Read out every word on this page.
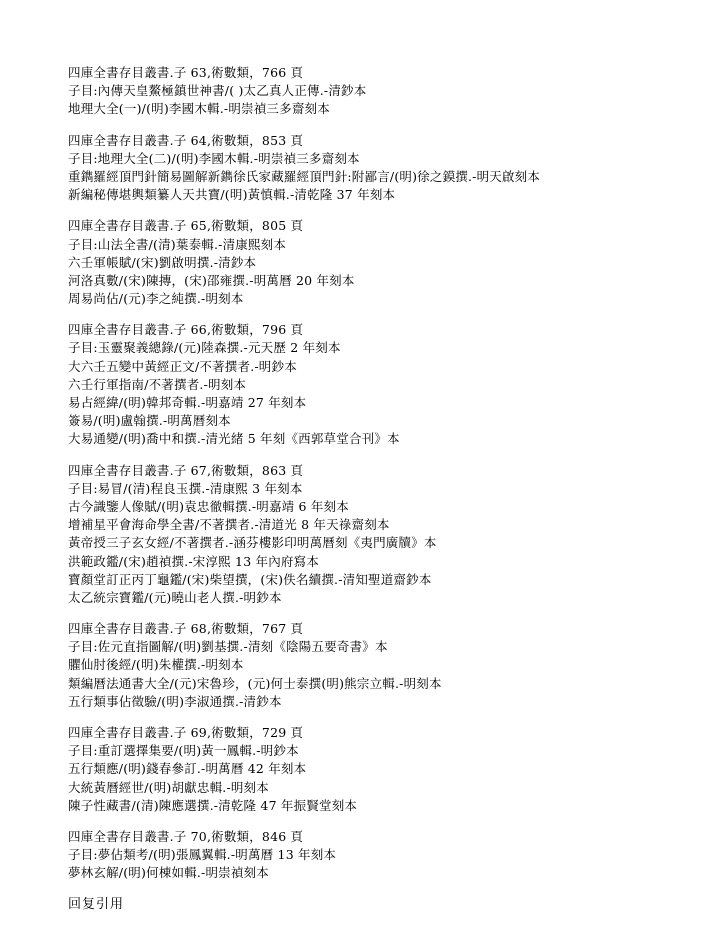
四庫全書存目叢書.子 63,術數類，766 頁
子目:內傳天皇鰲極鎮世神書/( )太乙真人正傳.-清鈔本
地理大全(一)/(明)李國木輯.-明崇禎三多齋刻本
四庫全書存目叢書.子 64,術數類，853 頁
子目:地理大全(二)/(明)李國木輯.-明崇禎三多齋刻本
重鐫羅經頂門針簡易圖解新鐫徐氏家藏羅經頂門針:附鄙言/(明)徐之鏌撰.-明天啟刻本
新編秘傳堪輿類纂人天共寶/(明)黃慎輯.-清乾隆 37 年刻本
四庫全書存目叢書.子 65,術數類，805 頁
子目:山法全書/(清)葉泰輯.-清康熙刻本
六壬軍帳賦/(宋)劉啟明撰.-清鈔本
河洛真數/(宋)陳摶，(宋)邵雍撰.-明萬曆 20 年刻本
周易尚佔/(元)李之純撰.-明刻本
四庫全書存目叢書.子 66,術數類，796 頁
子目:玉靈聚義總錄/(元)陸森撰.-元天歷 2 年刻本
大六壬五變中黃經正文/不著撰者.-明鈔本
六壬行軍指南/不著撰者.-明刻本
易占經緯/(明)韓邦奇輯.-明嘉靖 27 年刻本
簽易/(明)盧翰撰.-明萬曆刻本
大易通變/(明)喬中和撰.-清光緒 5 年刻《西郭草堂合刊》本
四庫全書存目叢書.子 67,術數類，863 頁
子目:易冒/(清)程良玉撰.-清康熙 3 年刻本
古今識鑒人像賦/(明)袁忠徹輯撰.-明嘉靖 6 年刻本
增補星平會海命學全書/不著撰者.-清道光 8 年天祿齋刻本
黃帝授三子玄女經/不著撰者.-涵芬樓影印明萬曆刻《夷門廣牘》本
洪範政鑑/(宋)趙禎撰.-宋淳熙 13 年內府寫本
寶顏堂訂正丙丁龜鑑/(宋)柴望撰，(宋)佚名續撰.-清知聖道齋鈔本
太乙統宗寶鑑/(元)曉山老人撰.-明鈔本
四庫全書存目叢書.子 68,術數類，767 頁
子目:佐元直指圖解/(明)劉基撰.-清刻《陰陽五要奇書》本
臞仙肘後經/(明)朱權撰.-明刻本
類編曆法通書大全/(元)宋魯珍，(元)何士泰撰(明)熊宗立輯.-明刻本
五行類事佔徵驗/(明)李淑通撰.-清鈔本
四庫全書存目叢書.子 69,術數類，729 頁
子目:重訂選擇集要/(明)黃一鳳輯.-明鈔本
五行類應/(明)錢春參訂.-明萬曆 42 年刻本
大統黃曆經世/(明)胡獻忠輯.-明刻本
陳子性藏書/(清)陳應選撰.-清乾隆 47 年振賢堂刻本
四庫全書存目叢書.子 70,術數類，846 頁
子目:夢佔類考/(明)張鳳翼輯.-明萬曆 13 年刻本
夢林玄解/(明)何棟如輯.-明崇禎刻本
回复引用
